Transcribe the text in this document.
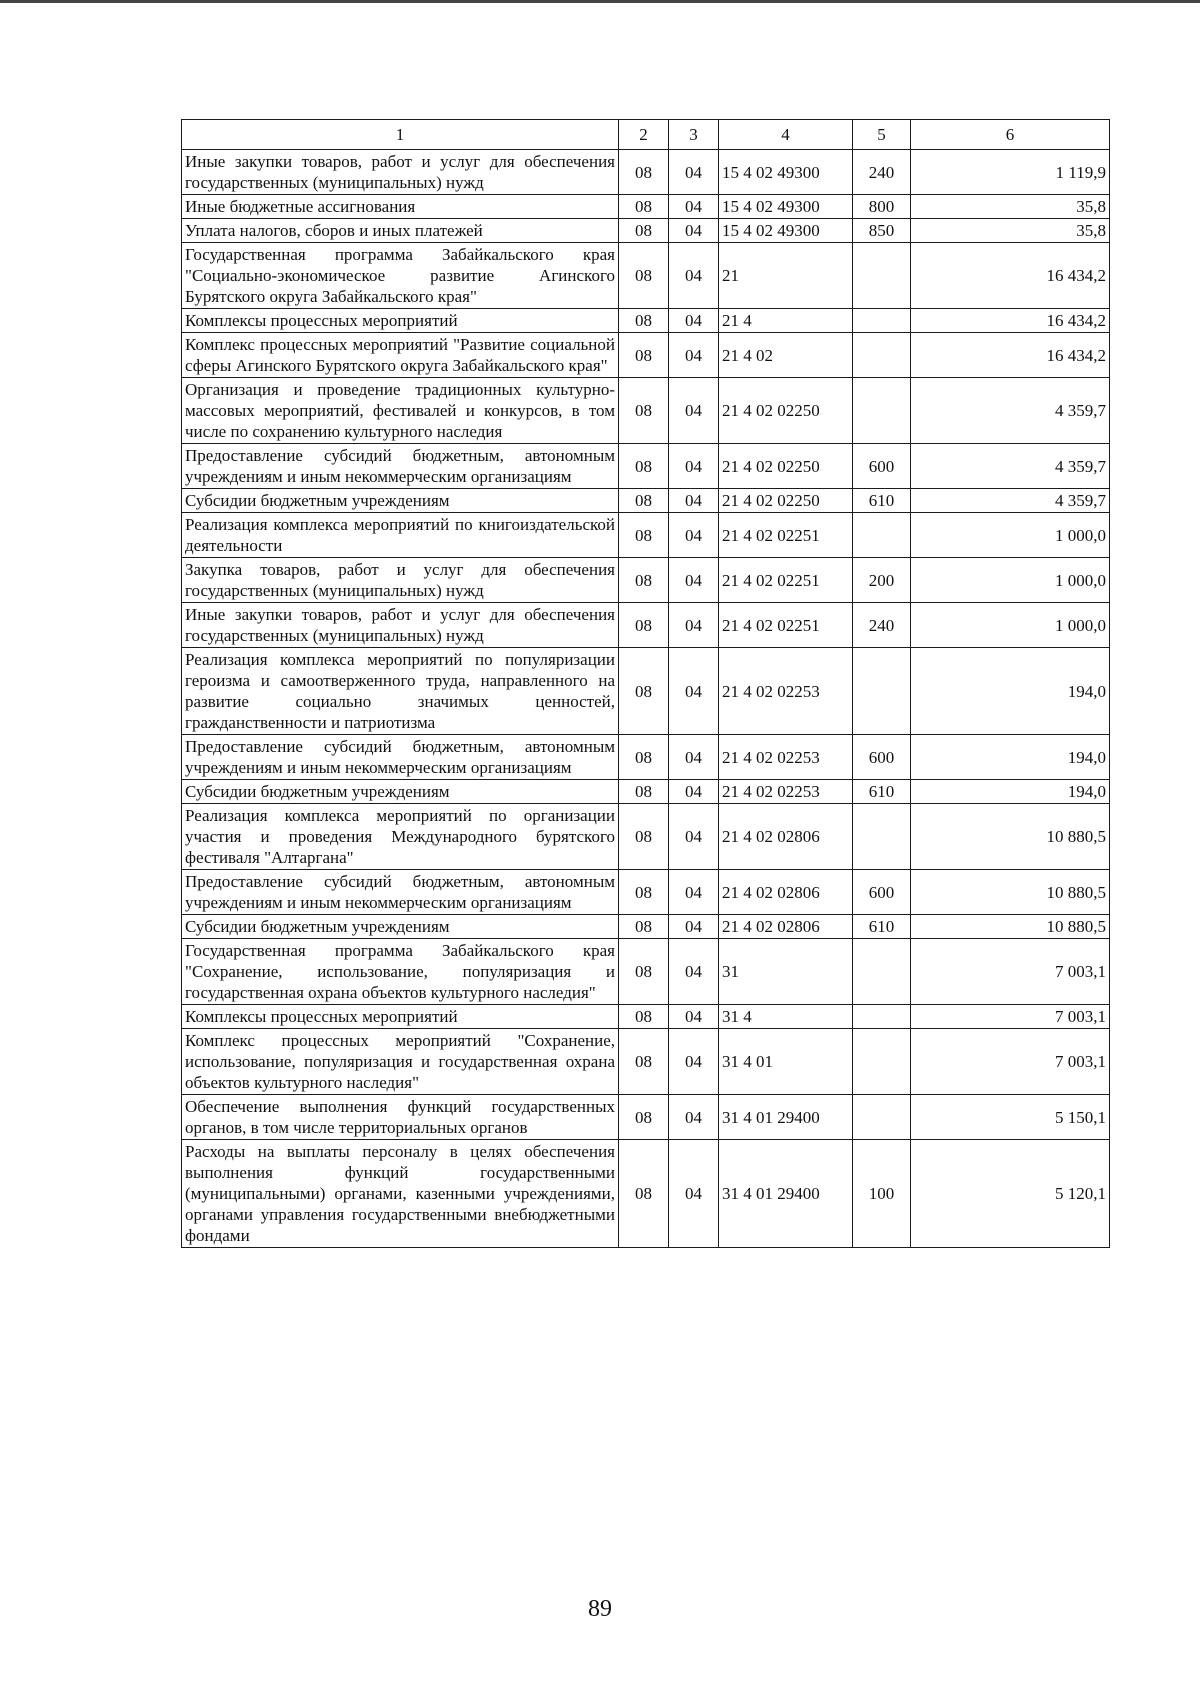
1	2	3	4	5	6
Иные закупки товаров, работ и услуг для обеспечения государственных (муниципальных) нужд	08	04	15 4 02 49300	240	1 119,9
Иные бюджетные ассигнования	08	04	15 4 02 49300	800	35,8
Уплата налогов, сборов и иных платежей	08	04	15 4 02 49300	850	35,8
Государственная программа Забайкальского края "Социально-экономическое развитие Агинского Бурятского округа Забайкальского края"	08	04	21		16 434,2
Комплексы процессных мероприятий	08	04	21 4		16 434,2
Комплекс процессных мероприятий "Развитие социальной сферы Агинского Бурятского округа Забайкальского края"	08	04	21 4 02		16 434,2
Организация и проведение традиционных культурно-массовых мероприятий, фестивалей и конкурсов, в том числе по сохранению культурного наследия	08	04	21 4 02 02250		4 359,7
Предоставление субсидий бюджетным, автономным учреждениям и иным некоммерческим организациям	08	04	21 4 02 02250	600	4 359,7
Субсидии бюджетным учреждениям	08	04	21 4 02 02250	610	4 359,7
Реализация комплекса мероприятий по книгоиздательской деятельности	08	04	21 4 02 02251		1 000,0
Закупка товаров, работ и услуг для обеспечения государственных (муниципальных) нужд	08	04	21 4 02 02251	200	1 000,0
Иные закупки товаров, работ и услуг для обеспечения государственных (муниципальных) нужд	08	04	21 4 02 02251	240	1 000,0
Реализация комплекса мероприятий по популяризации героизма и самоотверженного труда, направленного на развитие социально значимых ценностей, гражданственности и патриотизма	08	04	21 4 02 02253		194,0
Предоставление субсидий бюджетным, автономным учреждениям и иным некоммерческим организациям	08	04	21 4 02 02253	600	194,0
Субсидии бюджетным учреждениям	08	04	21 4 02 02253	610	194,0
Реализация комплекса мероприятий по организации участия и проведения Международного бурятского фестиваля "Алтаргана"	08	04	21 4 02 02806		10 880,5
Предоставление субсидий бюджетным, автономным учреждениям и иным некоммерческим организациям	08	04	21 4 02 02806	600	10 880,5
Субсидии бюджетным учреждениям	08	04	21 4 02 02806	610	10 880,5
Государственная программа Забайкальского края "Сохранение, использование, популяризация и государственная охрана объектов культурного наследия"	08	04	31		7 003,1
Комплексы процессных мероприятий	08	04	31 4		7 003,1
Комплекс процессных мероприятий "Сохранение, использование, популяризация и государственная охрана объектов культурного наследия"	08	04	31 4 01		7 003,1
Обеспечение выполнения функций государственных органов, в том числе территориальных органов	08	04	31 4 01 29400		5 150,1
Расходы на выплаты персоналу в целях обеспечения выполнения функций государственными (муниципальными) органами, казенными учреждениями, органами управления государственными внебюджетными фондами	08	04	31 4 01 29400	100	5 120,1
89
